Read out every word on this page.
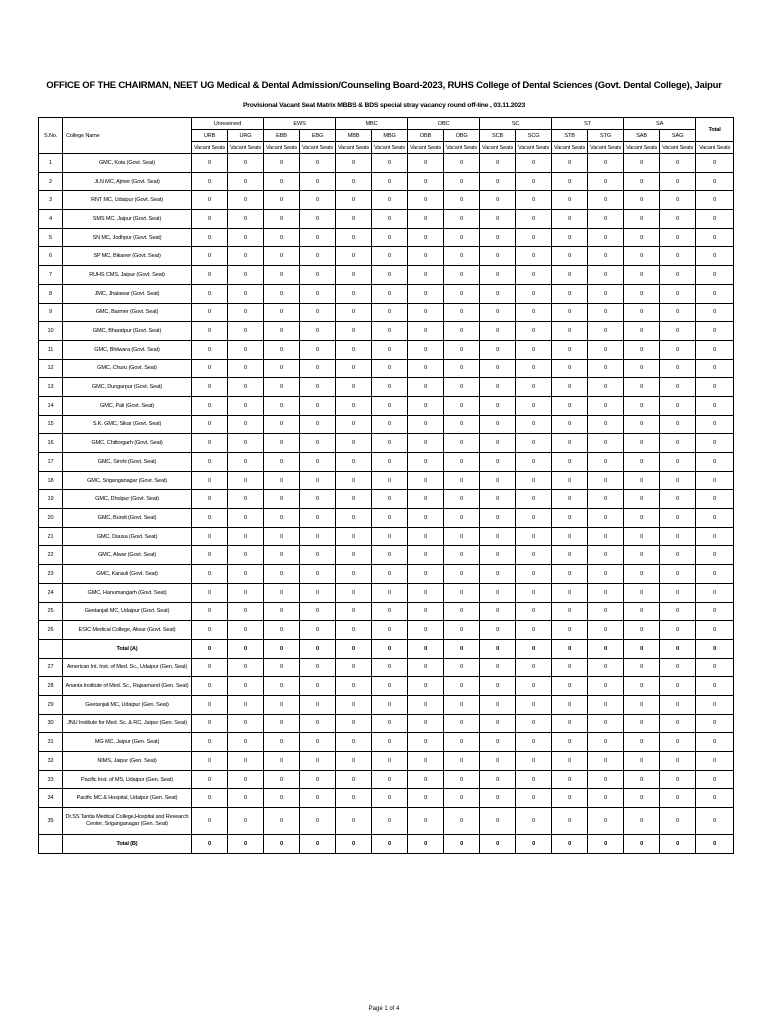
OFFICE OF THE CHAIRMAN, NEET UG Medical & Dental Admission/Counseling Board-2023, RUHS College of Dental Sciences (Govt. Dental College), Jaipur
Provisional Vacant Seat Matrix MBBS & BDS special stray vacancy round off-line , 03.11.2023
S.No.	College Name	Unreserved		EWS		MBC		OBC		SC		ST		SA		Total
		URB	URG	EBB	EBG	MBB	MBG	OBB	OBG	SCB	SCG	STB	STG	SAB	SAG	
		Vacant Seats	Vacant Seats	Vacant Seats	Vacant Seats	Vacant Seats	Vacant Seats	Vacant Seats	Vacant Seats	Vacant Seats	Vacant Seats	Vacant Seats	Vacant Seats	Vacant Seats	Vacant Seats	Vacant Seats
1	GMC, Kota (Govt. Seat)	0	0	0	0	0	0	0	0	0	0	0	0	0	0	0
2	JLN MC, Ajmer (Govt. Seat)	0	0	0	0	0	0	0	0	0	0	0	0	0	0	0
3	RNT MC, Udaipur (Govt. Seat)	0	0	0	0	0	0	0	0	0	0	0	0	0	0	0
4	SMS MC, Jaipur (Govt. Seat)	0	0	0	0	0	0	0	0	0	0	0	0	0	0	0
5	SN MC, Jodhpur (Govt. Seat)	0	0	0	0	0	0	0	0	0	0	0	0	0	0	0
6	SP MC, Bikaner (Govt. Seat)	0	0	0	0	0	0	0	0	0	0	0	0	0	0	0
7	RUHS CMS, Jaipur (Govt. Seat)	0	0	0	0	0	0	0	0	0	0	0	0	0	0	0
8	JMC, Jhalawar (Govt. Seat)	0	0	0	0	0	0	0	0	0	0	0	0	0	0	0
9	GMC, Barmer (Govt. Seat)	0	0	0	0	0	0	0	0	0	0	0	0	0	0	0
10	GMC, Bharatpur (Govt. Seat)	0	0	0	0	0	0	0	0	0	0	0	0	0	0	0
11	GMC, Bhilwara (Govt. Seat)	0	0	0	0	0	0	0	0	0	0	0	0	0	0	0
12	GMC, Churu (Govt. Seat)	0	0	0	0	0	0	0	0	0	0	0	0	0	0	0
13	GMC, Dungarpur (Govt. Seat)	0	0	0	0	0	0	0	0	0	0	0	0	0	0	0
14	GMC, Pali (Govt. Seat)	0	0	0	0	0	0	0	0	0	0	0	0	0	0	0
15	S.K. GMC, Sikar (Govt. Seat)	0	0	0	0	0	0	0	0	0	0	0	0	0	0	0
16	GMC, Chittorgarh (Govt. Seat)	0	0	0	0	0	0	0	0	0	0	0	0	0	0	0
17	GMC, Sirohi (Govt. Seat)	0	0	0	0	0	0	0	0	0	0	0	0	0	0	0
18	GMC, Sriganganagar (Govt. Seat)	0	0	0	0	0	0	0	0	0	0	0	0	0	0	0
19	GMC, Dholpur (Govt. Seat)	0	0	0	0	0	0	0	0	0	0	0	0	0	0	0
20	GMC, Bundi (Govt. Seat)	0	0	0	0	0	0	0	0	0	0	0	0	0	0	0
21	GMC, Dausa (Govt. Seat)	0	0	0	0	0	0	0	0	0	0	0	0	0	0	0
22	GMC, Alwar (Govt. Seat)	0	0	0	0	0	0	0	0	0	0	0	0	0	0	0
23	GMC, Karauli (Govt. Seat)	0	0	0	0	0	0	0	0	0	0	0	0	0	0	0
24	GMC, Hanumangarh (Govt. Seat)	0	0	0	0	0	0	0	0	0	0	0	0	0	0	0
25	Geetanjali MC, Udaipur (Govt. Seat)	0	0	0	0	0	0	0	0	0	0	0	0	0	0	0
26	ESIC Medical College, Alwar (Govt. Seat)	0	0	0	0	0	0	0	0	0	0	0	0	0	0	0
	Total (A)	0	0	0	0	0	0	0	0	0	0	0	0	0	0	0
27	American Int. Inst. of Med. Sc., Udaipur (Gen. Seat)	0	0	0	0	0	0	0	0	0	0	0	0	0	0	0
28	Ananta Institute of Med. Sc., Rajsamand (Gen. Seat)	0	0	0	0	0	0	0	0	0	0	0	0	0	0	0
29	Geetanjali MC, Udaipur (Gen. Seat)	0	0	0	0	0	0	0	0	0	0	0	0	0	0	0
30	JNU Institute for Med. Sc. & RC, Jaipur (Gen. Seat)	0	0	0	0	0	0	0	0	0	0	0	0	0	0	0
31	MG MC, Jaipur (Gen. Seat)	0	0	0	0	0	0	0	0	0	0	0	0	0	0	0
32	NIMS, Jaipur (Gen. Seat)	0	0	0	0	0	0	0	0	0	0	0	0	0	0	0
33	Pacific Inst. of MS, Udaipur (Gen. Seat)	0	0	0	0	0	0	0	0	0	0	0	0	0	0	0
34	Pacific MC & Hospital, Udaipur (Gen. Seat)	0	0	0	0	0	0	0	0	0	0	0	0	0	0	0
35	Dr.SS Tantia Medical College,Hospital and Research Center, Sriganganagar (Gen. Seat)	0	0	0	0	0	0	0	0	0	0	0	0	0	0	0
	Total (B)	0	0	0	0	0	0	0	0	0	0	0	0	0	0	0
Page 1 of 4
